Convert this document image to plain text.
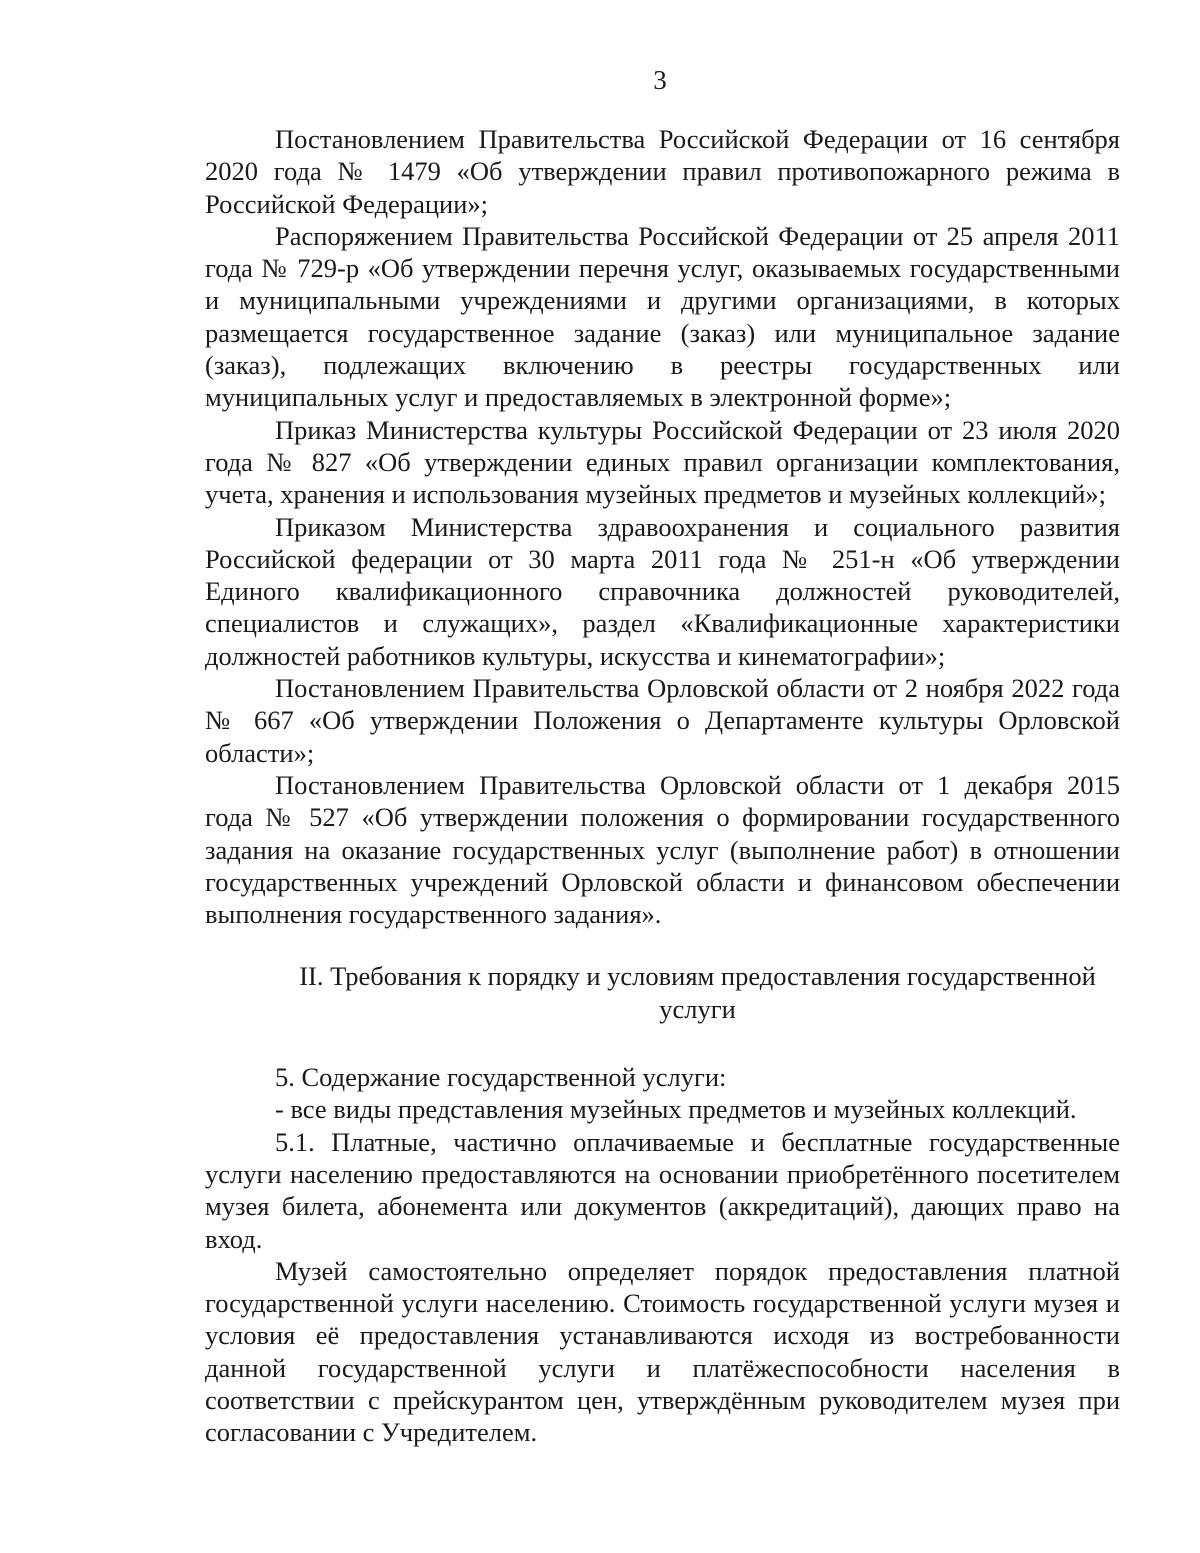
3

Постановлением Правительства Российской Федерации от 16 сентября 2020 года № 1479 «Об утверждении правил противопожарного режима в Российской Федерации»;

Распоряжением Правительства Российской Федерации от 25 апреля 2011 года № 729-р «Об утверждении перечня услуг, оказываемых государственными и муниципальными учреждениями и другими организациями, в которых размещается государственное задание (заказ) или муниципальное задание (заказ), подлежащих включению в реестры государственных или муниципальных услуг и предоставляемых в электронной форме»;

Приказ Министерства культуры Российской Федерации от 23 июля 2020 года № 827 «Об утверждении единых правил организации комплектования, учета, хранения и использования музейных предметов и музейных коллекций»;

Приказом Министерства здравоохранения и социального развития Российской федерации от 30 марта 2011 года № 251-н «Об утверждении Единого квалификационного справочника должностей руководителей, специалистов и служащих», раздел «Квалификационные характеристики должностей работников культуры, искусства и кинематографии»;

Постановлением Правительства Орловской области от 2 ноября 2022 года № 667 «Об утверждении Положения о Департаменте культуры Орловской области»;

Постановлением Правительства Орловской области от 1 декабря 2015 года № 527 «Об утверждении положения о формировании государственного задания на оказание государственных услуг (выполнение работ) в отношении государственных учреждений Орловской области и финансовом обеспечении выполнения государственного задания».

II. Требования к порядку и условиям предоставления государственной
услуги

5. Содержание государственной услуги:

- все виды представления музейных предметов и музейных коллекций.

5.1. Платные, частично оплачиваемые и бесплатные государственные услуги населению предоставляются на основании приобретённого посетителем музея билета, абонемента или документов (аккредитаций), дающих право на вход.

Музей самостоятельно определяет порядок предоставления платной государственной услуги населению. Стоимость государственной услуги музея и условия её предоставления устанавливаются исходя из востребованности данной государственной услуги и платёжеспособности населения в соответствии с прейскурантом цен, утверждённым руководителем музея при согласовании с Учредителем.
